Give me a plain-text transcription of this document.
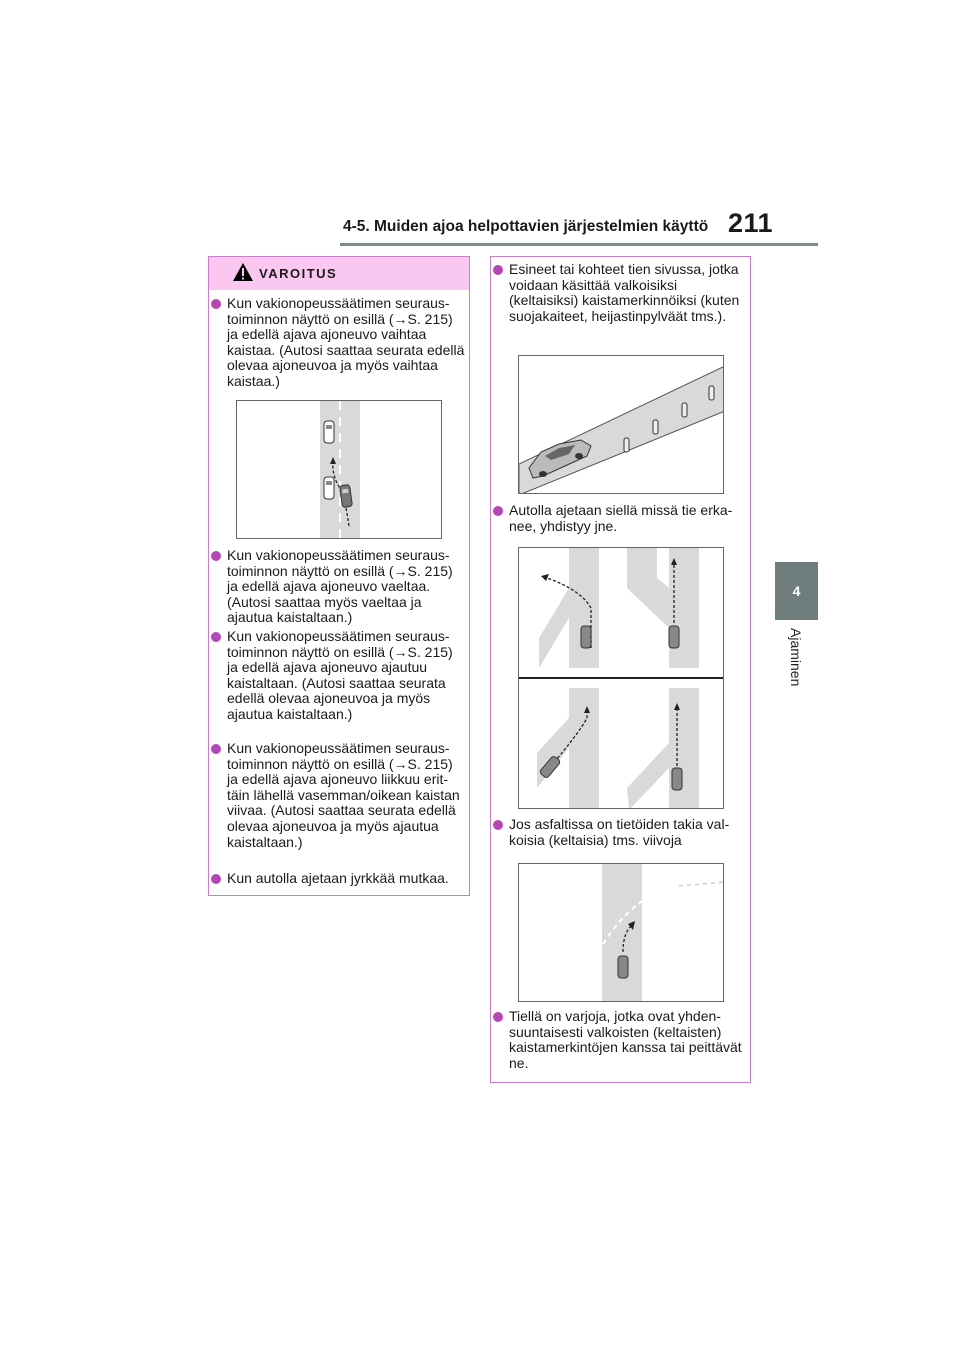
4-5. Muiden ajoa helpottavien järjestelmien käyttö 211
4
Ajaminen
VAROITUS
Kun vakionopeussäätimen seuraustoiminnon näyttö on esillä (→S. 215) ja edellä ajava ajoneuvo vaihtaa kaistaa. (Autosi saattaa seurata edellä olevaa ajoneuvoa ja myös vaihtaa kaistaa.)
Kun vakionopeussäätimen seuraustoiminnon näyttö on esillä (→S. 215) ja edellä ajava ajoneuvo vaeltaa. (Autosi saattaa myös vaeltaa ja ajautua kaistaltaan.)
Kun vakionopeussäätimen seuraustoiminnon näyttö on esillä (→S. 215) ja edellä ajava ajoneuvo ajautuu kaistaltaan. (Autosi saattaa seurata edellä olevaa ajoneuvoa ja myös ajautua kaistaltaan.)
Kun vakionopeussäätimen seuraustoiminnon näyttö on esillä (→S. 215) ja edellä ajava ajoneuvo liikkuu erittäin lähellä vasemman/oikean kaistan viivaa. (Autosi saattaa seurata edellä olevaa ajoneuvoa ja myös ajautua kaistaltaan.)
Kun autolla ajetaan jyrkkää mutkaa.
Esineet tai kohteet tien sivussa, jotka voidaan käsittää valkoisiksi (keltaisiksi) kaistamerkinnöiksi (kuten suojakaiteet, heijastinpylväät tms.).
Autolla ajetaan siellä missä tie erkanee, yhdistyy jne.
Jos asfaltissa on tietöiden takia valkoisia (keltaisia) tms. viivoja
Tiellä on varjoja, jotka ovat yhdensuuntaisesti valkoisten (keltaisten) kaistamerkintöjen kanssa tai peittävät ne.
